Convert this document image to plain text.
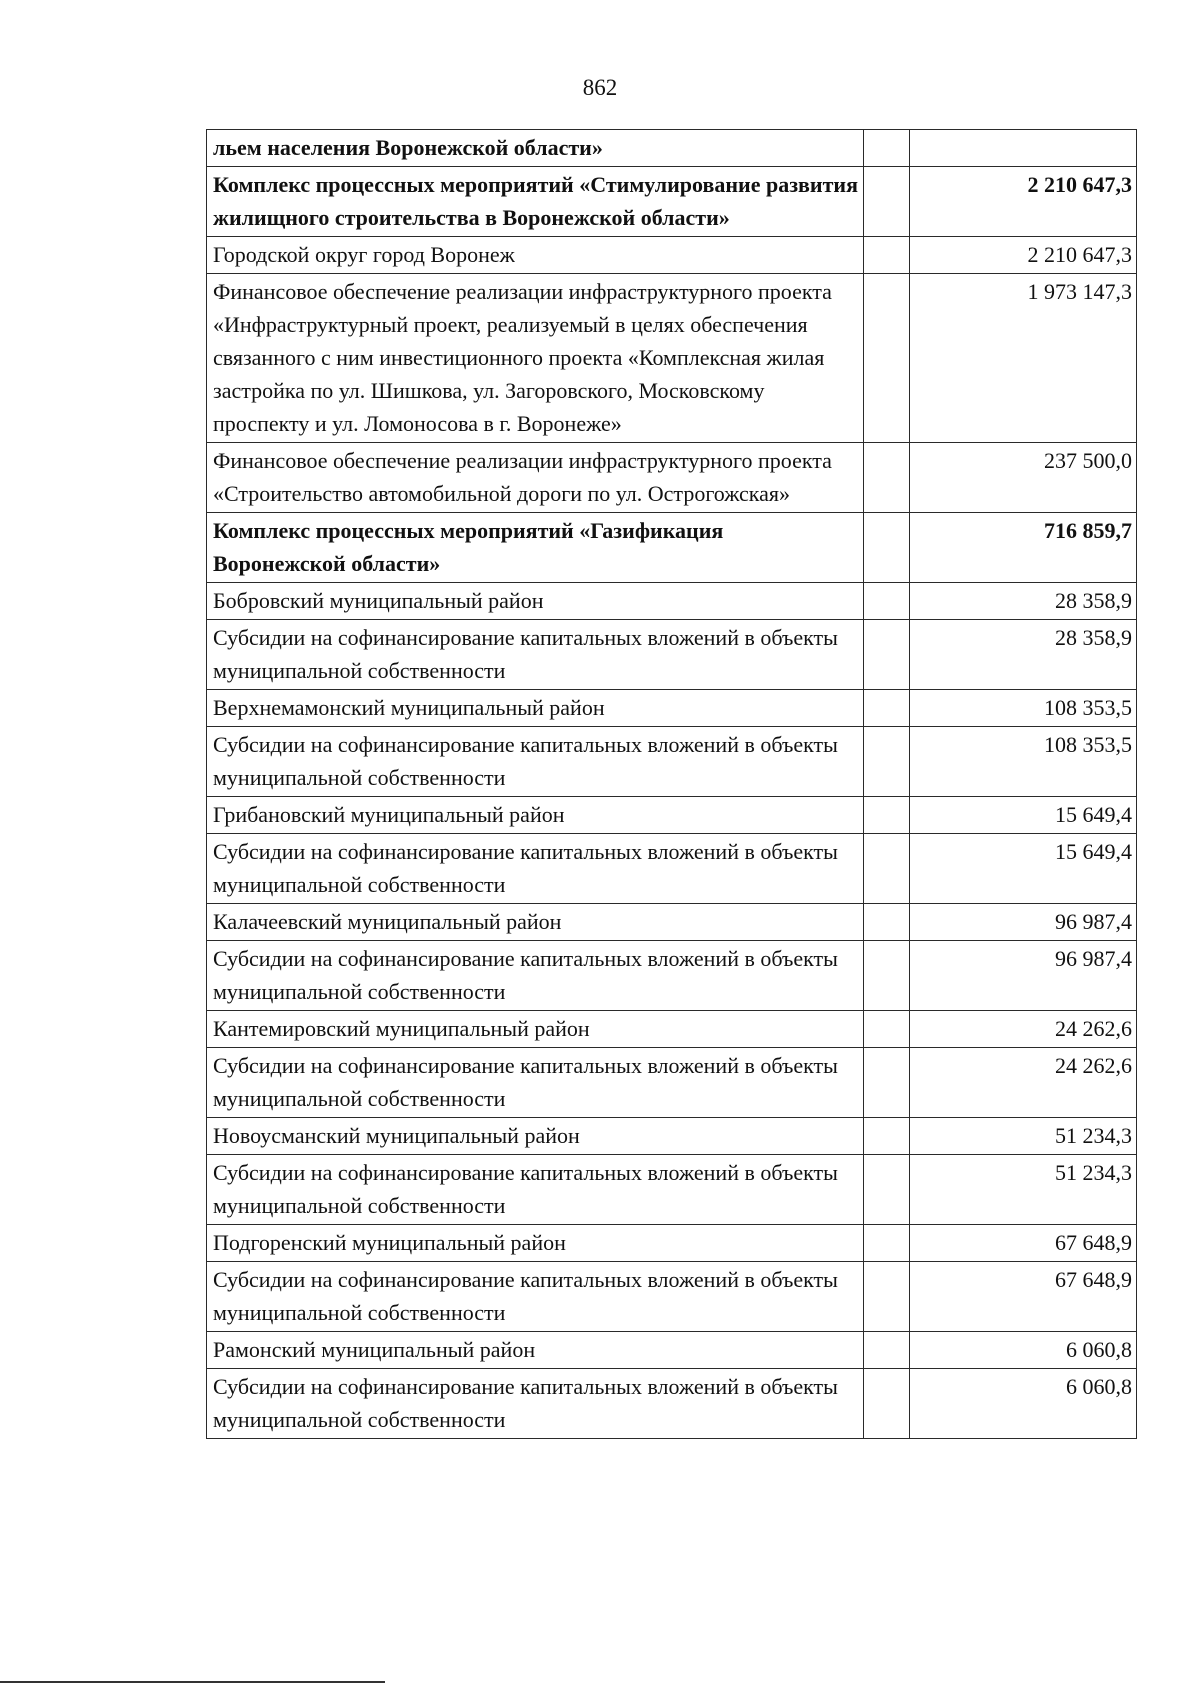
862
льем населения Воронежской области»		
Комплекс процессных мероприятий «Стимулирование развития жилищного строительства в Воронежской области»		2 210 647,3
Городской округ город Воронеж		2 210 647,3
Финансовое обеспечение реализации инфраструктурного проекта «Инфраструктурный проект, реализуемый в целях обеспечения связанного с ним инвестиционного проекта «Комплексная жилая застройка по ул. Шишкова, ул. Загоровского, Московскому проспекту и ул. Ломоносова в г. Воронеже»		1 973 147,3
Финансовое обеспечение реализации инфраструктурного проекта «Строительство автомобильной дороги по ул. Острогожская»		237 500,0
Комплекс процессных мероприятий «Газификация Воронежской области»		716 859,7
Бобровский муниципальный район		28 358,9
Субсидии на софинансирование капитальных вложений в объекты муниципальной собственности		28 358,9
Верхнемамонский муниципальный район		108 353,5
Субсидии на софинансирование капитальных вложений в объекты муниципальной собственности		108 353,5
Грибановский муниципальный район		15 649,4
Субсидии на софинансирование капитальных вложений в объекты муниципальной собственности		15 649,4
Калачеевский муниципальный район		96 987,4
Субсидии на софинансирование капитальных вложений в объекты муниципальной собственности		96 987,4
Кантемировский муниципальный район		24 262,6
Субсидии на софинансирование капитальных вложений в объекты муниципальной собственности		24 262,6
Новоусманский муниципальный район		51 234,3
Субсидии на софинансирование капитальных вложений в объекты муниципальной собственности		51 234,3
Подгоренский муниципальный район		67 648,9
Субсидии на софинансирование капитальных вложений в объекты муниципальной собственности		67 648,9
Рамонский муниципальный район		6 060,8
Субсидии на софинансирование капитальных вложений в объекты муниципальной собственности		6 060,8
